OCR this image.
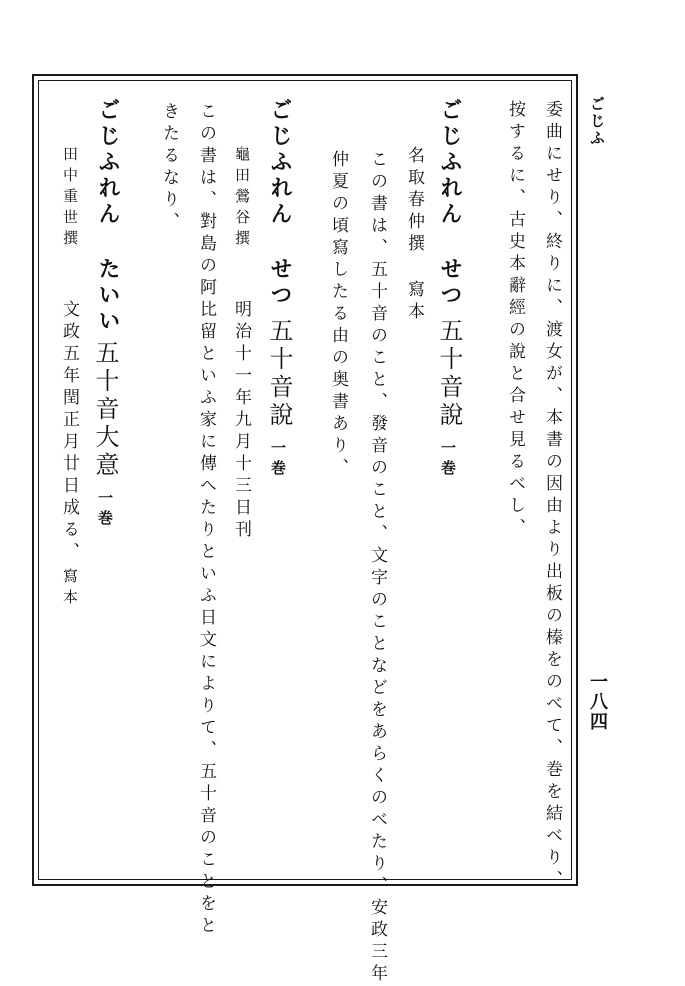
ごじふ
一八四
委曲にせり、終りに、渡女が、本書の因由より出板の榛をのべて、巻を結べり、
按するに、古史本辭經の說と合せ見るべし、
ごじふれん せつ
五十音說
一巻
名取春仲撰
寫本
この書は、五十音のこと、發音のこと、文字のことなどをあらくのべたり、安政三年
仲夏の頃寫したる由の奥書あり、
ごじふれん せつ
五十音說
一巻
龜田鶯谷撰
明治十一年九月十三日刊
この書は、對島の阿比留といふ家に傳へたりといふ日文によりて、五十音のことをと
きたるなり、
ごじふれん たいい
五十音大意
一巻
田中重世撰
文政五年閏正月廿日成る、
寫本
